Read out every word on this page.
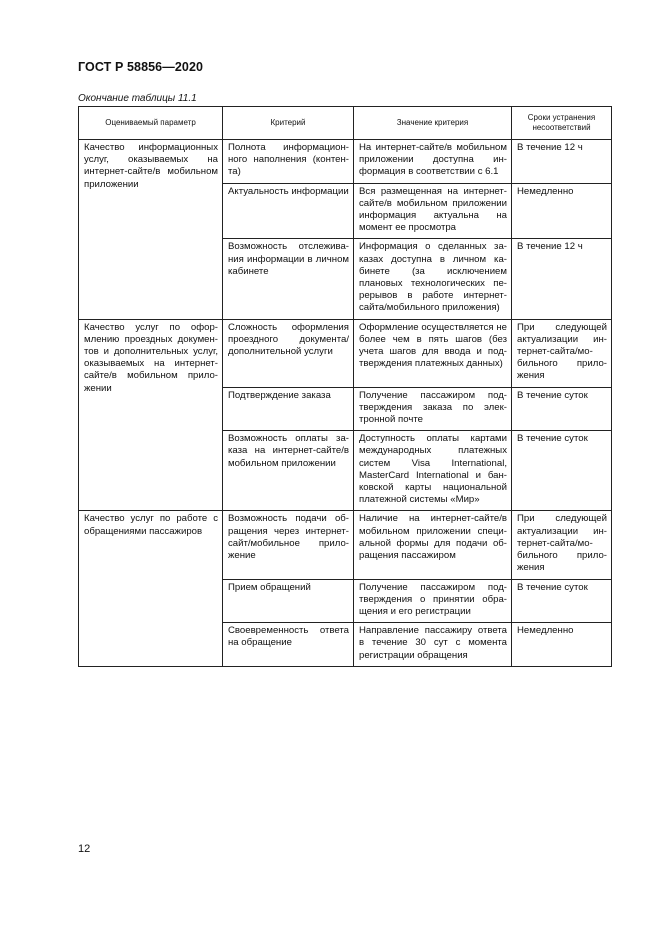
ГОСТ Р 58856—2020
Окончание таблицы 11.1
Оцениваемый параметр	Критерий	Значение критерия	Сроки устранения несоответствий
Качество информационных услуг, оказываемых на интернет-сайте/в мобильном приложении	Полнота информационного наполнения (контента)	На интернет-сайте/в мобильном приложении доступна информация в соответствии с 6.1	В течение 12 ч
	Актуальность информации	Вся размещенная на интернет-сайте/в мобильном приложении информация актуальна на момент ее просмотра	Немедленно
	Возможность отслеживания информации в личном кабинете	Информация о сделанных заказах доступна в личном кабинете (за исключением плановых технологических перерывов в работе интернет-сайта/мобильного приложения)	В течение 12 ч
Качество услуг по оформлению проездных документов и дополнительных услуг, оказываемых на интернет-сайте/в мобильном приложении	Сложность оформления проездного документа/ дополнительной услуги	Оформление осуществляется не более чем в пять шагов (без учета шагов для ввода и подтверждения платежных данных)	При следующей актуализации интернет-сайта/мобильного приложения
	Подтверждение заказа	Получение пассажиром подтверждения заказа по электронной почте	В течение суток
	Возможность оплаты заказа на интернет-сайте/в мобильном приложении	Доступность оплаты картами международных платежных систем Visa International, MasterCard International и банковской карты национальной платежной системы «Мир»	В течение суток
Качество услуг по работе с обращениями пассажиров	Возможность подачи обращения через интернет-сайт/мобильное приложение	Наличие на интернет-сайте/в мобильном приложении специальной формы для подачи обращения пассажиром	При следующей актуализации интернет-сайта/мобильного приложения
	Прием обращений	Получение пассажиром подтверждения о принятии обращения и его регистрации	В течение суток
	Своевременность ответа на обращение	Направление пассажиру ответа в течение 30 сут с момента регистрации обращения	Немедленно
12
